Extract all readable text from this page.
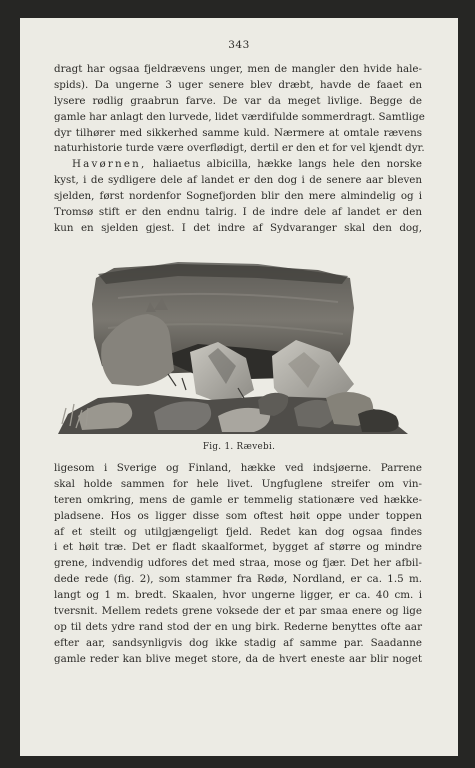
343
dragt har ogsaa fjeldrævens unger, men de mangler den hvide hale-
spids). Da ungerne 3 uger senere blev dræbt, havde de faaet en
lysere rødlig graabrun farve. De var da meget livlige. Begge de
gamle har anlagt den lurvede, lidet værdifulde sommerdragt. Samtlige
dyr tilhører med sikkerhed samme kuld. Nærmere at omtale rævens
naturhistorie turde være overflødigt, dertil er den et for vel kjendt dyr.
Havørnen, haliaetus albicilla, hække langs hele den norske
kyst, i de sydligere dele af landet er den dog i de senere aar bleven
sjelden, først nordenfor Sognefjorden blir den mere almindelig og i
Tromsø stift er den endnu talrig. I de indre dele af landet er den
kun en sjelden gjest. I det indre af Sydvaranger skal den dog,
Fig. 1. Rævebi.
ligesom i Sverige og Finland, hække ved indsjøerne. Parrene
skal holde sammen for hele livet. Ungfuglene streifer om vin-
teren omkring, mens de gamle er temmelig stationære ved hække-
pladsene. Hos os ligger disse som oftest høit oppe under toppen
af et steilt og utilgjængeligt fjeld. Redet kan dog ogsaa findes
i et høit træ. Det er fladt skaalformet, bygget af større og mindre
grene, indvendig udfores det med straa, mose og fjær. Det her afbil-
dede rede (fig. 2), som stammer fra Rødø, Nordland, er ca. 1.5 m.
langt og 1 m. bredt. Skaalen, hvor ungerne ligger, er ca. 40 cm. i
tversnit. Mellem redets grene voksede der et par smaa enere og lige
op til dets ydre rand stod der en ung birk. Rederne benyttes ofte aar
efter aar, sandsynligvis dog ikke stadig af samme par. Saadanne
gamle reder kan blive meget store, da de hvert eneste aar blir noget
